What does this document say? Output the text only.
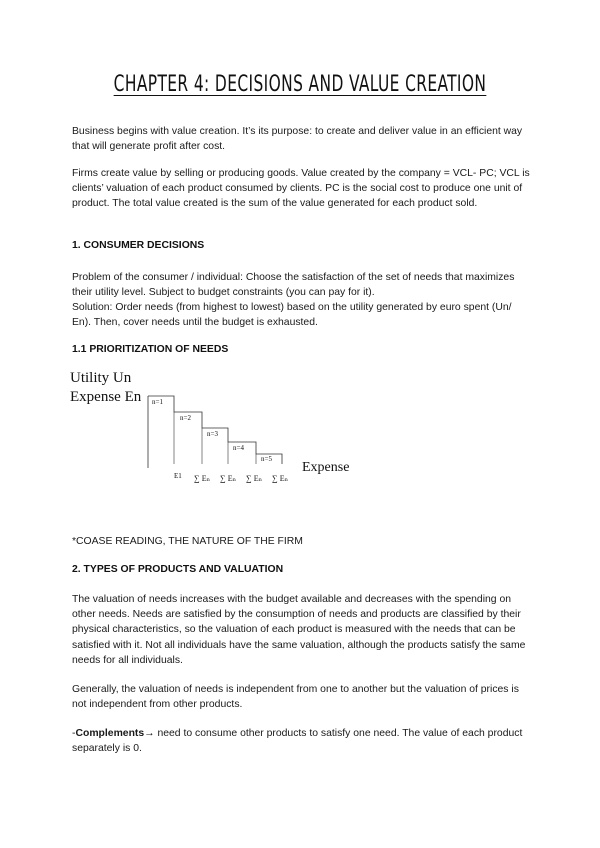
CHAPTER 4: DECISIONS AND VALUE CREATION
Business begins with value creation. It’s its purpose: to create and deliver value in an efficient way that will generate profit after cost.
Firms create value by selling or producing goods. Value created by the company = VCL- PC; VCL is clients’ valuation of each product consumed by clients. PC is the social cost to produce one unit of product. The total value created is the sum of the value generated for each product sold.
1. CONSUMER DECISIONS
Problem of the consumer / individual: Choose the satisfaction of the set of needs that maximizes their utility level. Subject to budget constraints (you can pay for it).
Solution: Order needs (from highest to lowest) based on the utility generated by euro spent (Un/ En). Then, cover needs until the budget is exhausted.
1.1 PRIORITIZATION OF NEEDS
Utility Un
Expense En n=1
n=2
n=3
n=4
n=5
E1 ∑ Eₙ ∑ Eₙ ∑ Eₙ ∑ Eₙ
Expense
*COASE READING, THE NATURE OF THE FIRM
2. TYPES OF PRODUCTS AND VALUATION
The valuation of needs increases with the budget available and decreases with the spending on other needs. Needs are satisfied by the consumption of needs and products are classified by their physical characteristics, so the valuation of each product is measured with the needs that can be satisfied with it. Not all individuals have the same valuation, although the products satisfy the same needs for all individuals.
Generally, the valuation of needs is independent from one to another but the valuation of prices is not independent from other products.
-Complements→ need to consume other products to satisfy one need. The value of each product separately is 0.
